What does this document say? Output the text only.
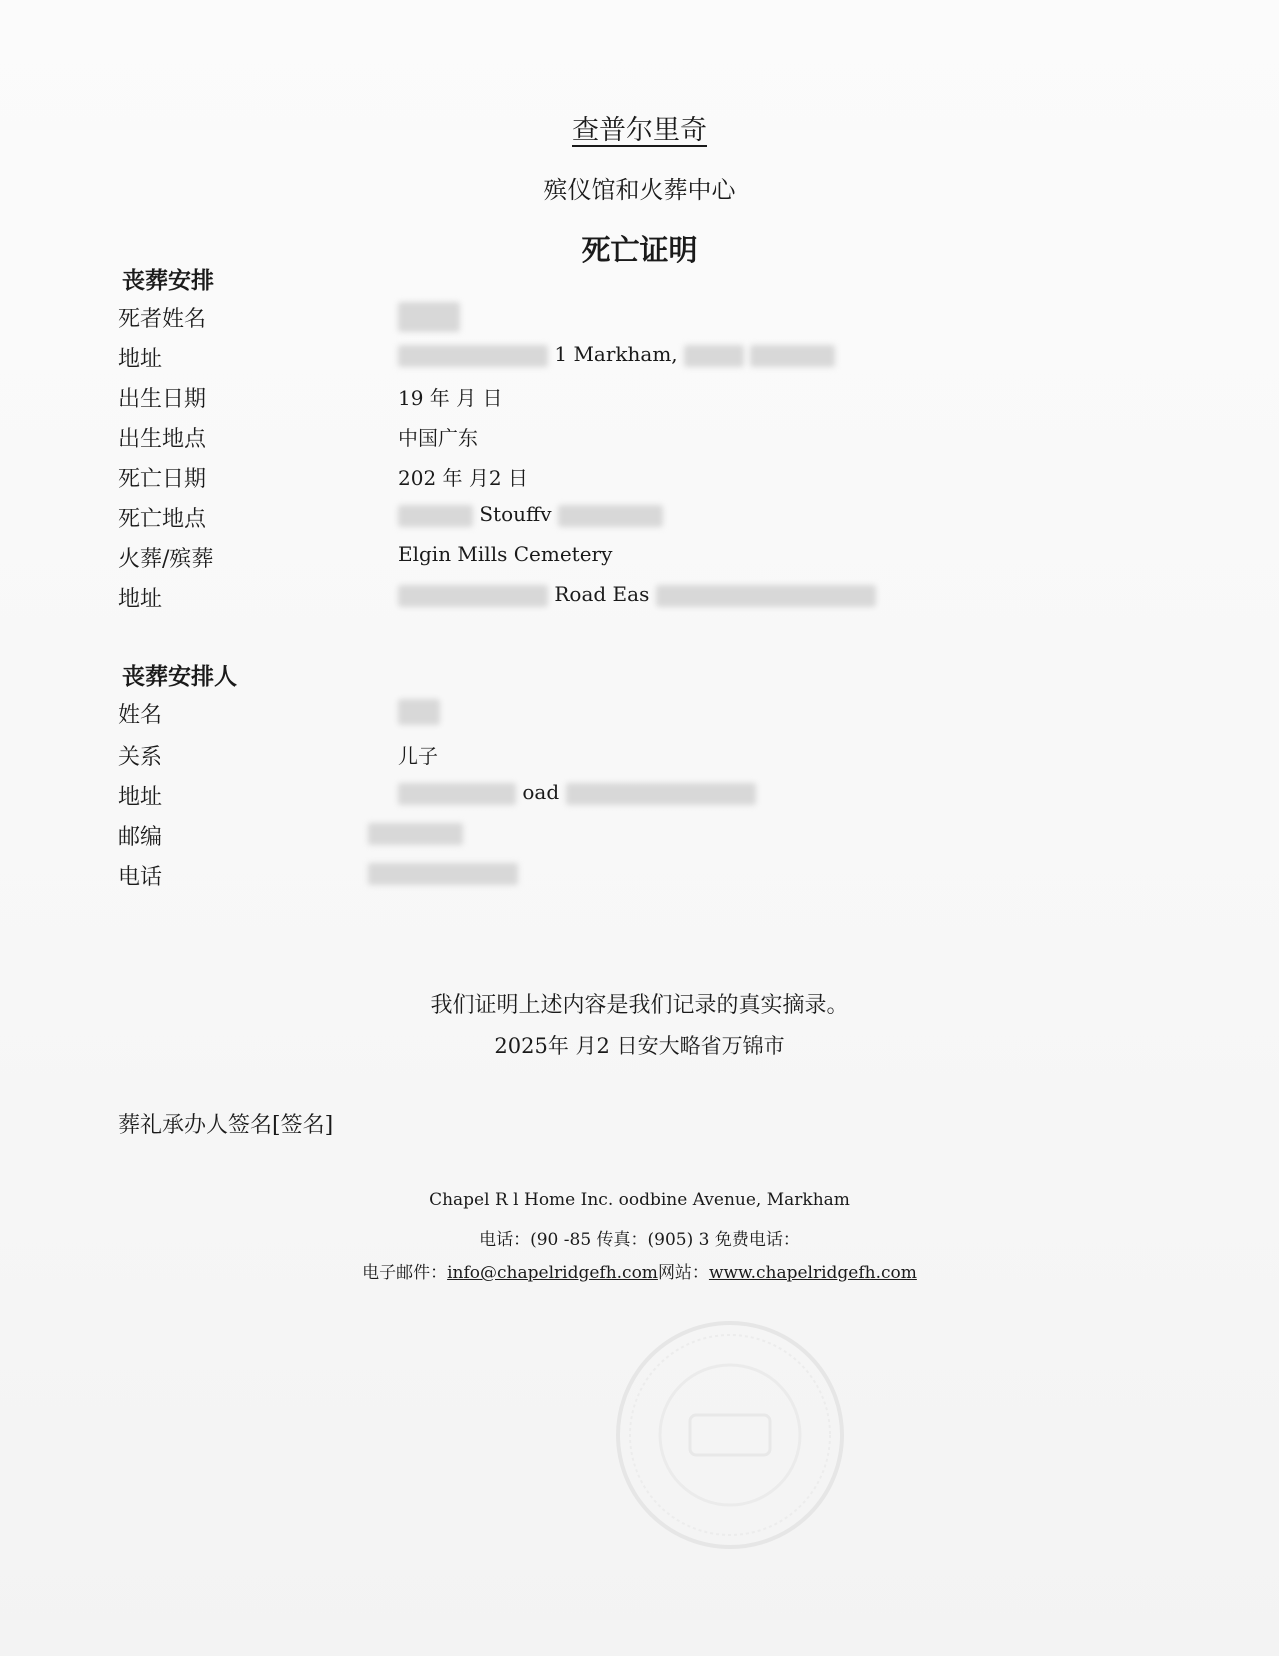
查普尔里奇
殡仪馆和火葬中心
死亡证明
丧葬安排
死者姓名
地址	1 Markham,
出生日期	19 年 月 日
出生地点	中国广东
死亡日期	202 年 月2 日
死亡地点	Stouffv
火葬/殡葬	Elgin Mills Cemetery
地址	Road Eas
丧葬安排人
姓名
关系	儿子
地址	oad
邮编
电话
我们证明上述内容是我们记录的真实摘录。
2025年 月2 日安大略省万锦市
葬礼承办人签名[签名]
Chapel R l Home Inc. oodbine Avenue, Markham
电话：(90 -85 传真：(905) 3 免费电话：
电子邮件：info@chapelridgefh.com网站：www.chapelridgefh.com
